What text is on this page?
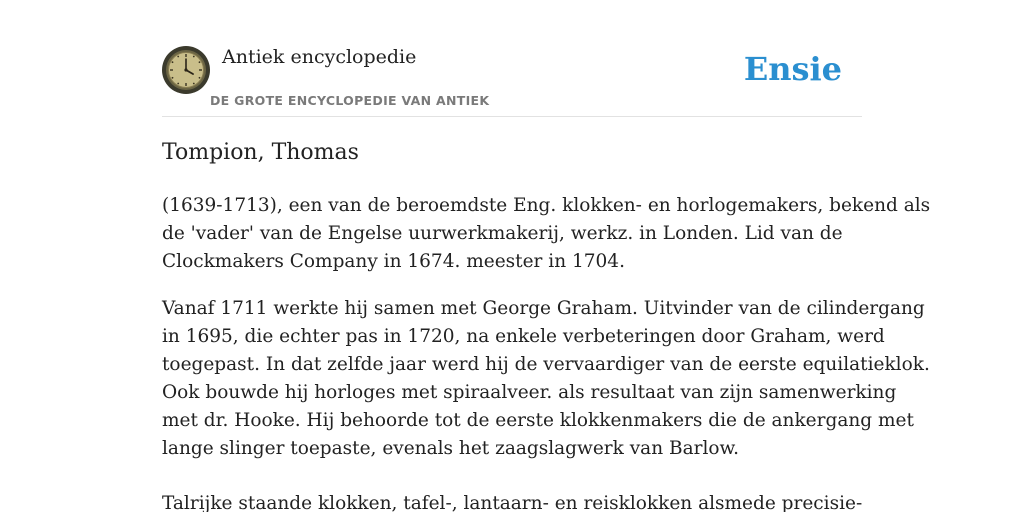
Antiek encyclopedie
DE GROTE ENCYCLOPEDIE VAN ANTIEK
Ensie
Tompion, Thomas

(1639-1713), een van de beroemdste Eng. klokken- en horlogemakers, bekend als
de 'vader' van de Engelse uurwerkmakerij, werkz. in Londen. Lid van de
Clockmakers Company in 1674. meester in 1704.

Vanaf 1711 werkte hij samen met George Graham. Uitvinder van de cilindergang
in 1695, die echter pas in 1720, na enkele verbeteringen door Graham, werd
toegepast. In dat zelfde jaar werd hij de vervaardiger van de eerste equilatieklok.
Ook bouwde hij horloges met spiraalveer. als resultaat van zijn samenwerking
met dr. Hooke. Hij behoorde tot de eerste klokkenmakers die de ankergang met
lange slinger toepaste, evenals het zaagslagwerk van Barlow.

Talrijke staande klokken, tafel-, lantaarn- en reisklokken alsmede precisie-
